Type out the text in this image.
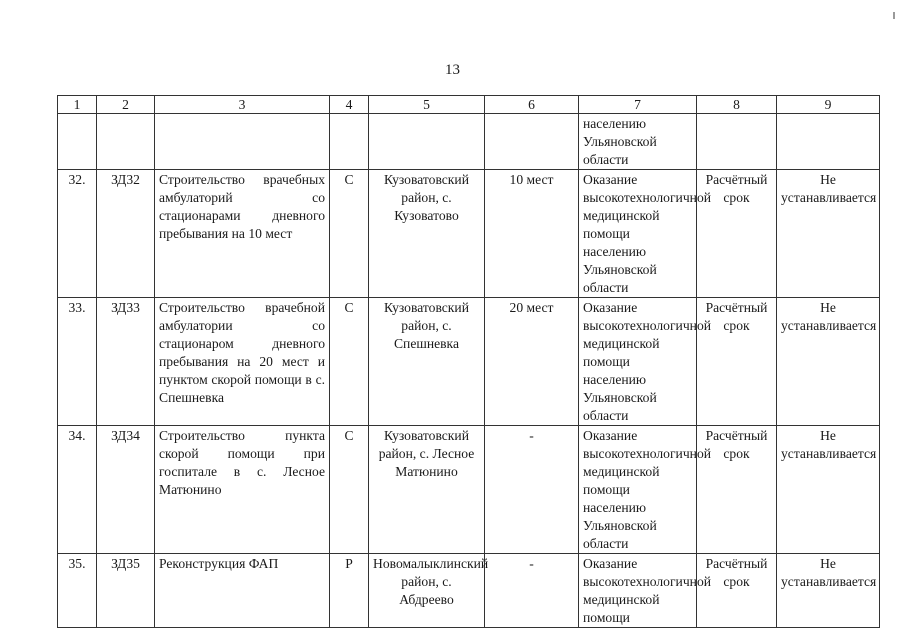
13
1	2	3	4	5	6	7	8	9
						населению Ульяновской области		
32.	ЗД32	Строительство врачебных амбулаторий со стационарами дневного пребывания на 10 мест	С	Кузоватовский район, с. Кузоватово	10 мест	Оказание высокотехнологичной медицинской помощи населению Ульяновской области	Расчётный срок	Не устанавливается
33.	ЗД33	Строительство врачебной амбулатории со стационаром дневного пребывания на 20 мест и пунктом скорой помощи в с. Спешневка	С	Кузоватовский район, с. Спешневка	20 мест	Оказание высокотехнологичной медицинской помощи населению Ульяновской области	Расчётный срок	Не устанавливается
34.	ЗД34	Строительство пункта скорой помощи при госпитале в с. Лесное Матюнино	С	Кузоватовский район, с. Лесное Матюнино	-	Оказание высокотехнологичной медицинской помощи населению Ульяновской области	Расчётный срок	Не устанавливается
35.	ЗД35	Реконструкция ФАП	Р	Новомалыклинский район, с. Абдреево	-	Оказание высокотехнологичной медицинской помощи	Расчётный срок	Не устанавливается
